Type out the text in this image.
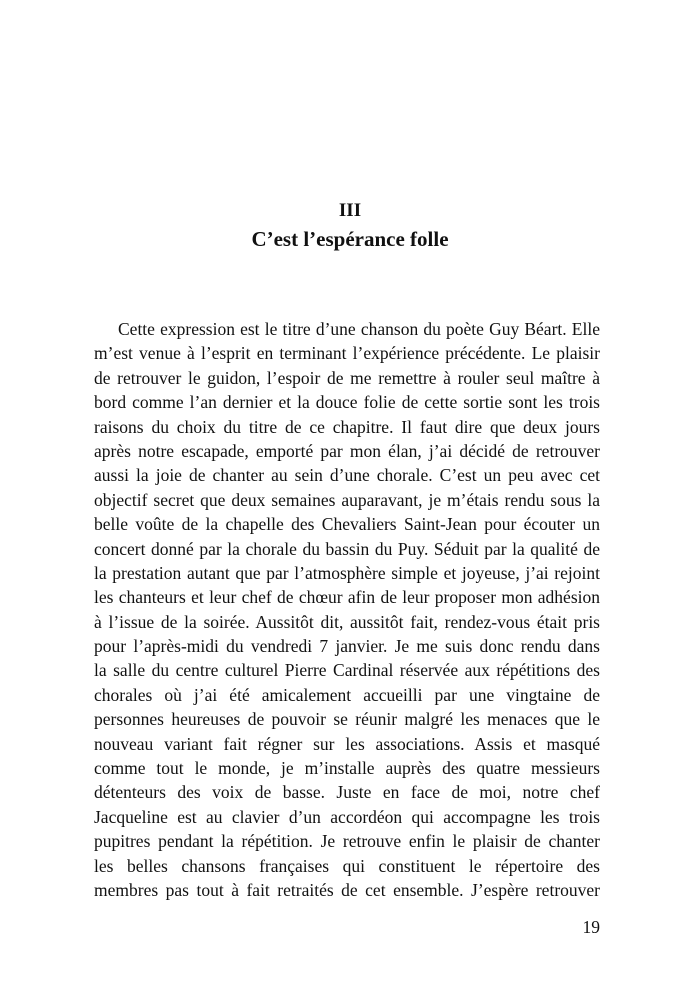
III

C’est l’espérance folle

Cette expression est le titre d’une chanson du poète Guy Béart. Elle
m’est venue à l’esprit en terminant l’expérience précédente. Le plaisir
de retrouver le guidon, l’espoir de me remettre à rouler seul maître à
bord comme l’an dernier et la douce folie de cette sortie sont les trois
raisons du choix du titre de ce chapitre. Il faut dire que deux jours
après notre escapade, emporté par mon élan, j’ai décidé de retrouver
aussi la joie de chanter au sein d’une chorale. C’est un peu avec cet
objectif secret que deux semaines auparavant, je m’étais rendu sous la
belle voûte de la chapelle des Chevaliers Saint-Jean pour écouter un
concert donné par la chorale du bassin du Puy. Séduit par la qualité de
la prestation autant que par l’atmosphère simple et joyeuse, j’ai rejoint
les chanteurs et leur chef de chœur afin de leur proposer mon adhésion
à l’issue de la soirée. Aussitôt dit, aussitôt fait, rendez-vous était pris
pour l’après-midi du vendredi 7 janvier. Je me suis donc rendu dans
la salle du centre culturel Pierre Cardinal réservée aux répétitions des
chorales où j’ai été amicalement accueilli par une vingtaine de
personnes heureuses de pouvoir se réunir malgré les menaces que le
nouveau variant fait régner sur les associations. Assis et masqué
comme tout le monde, je m’installe auprès des quatre messieurs
détenteurs des voix de basse. Juste en face de moi, notre chef
Jacqueline est au clavier d’un accordéon qui accompagne les trois
pupitres pendant la répétition. Je retrouve enfin le plaisir de chanter
les belles chansons françaises qui constituent le répertoire des
membres pas tout à fait retraités de cet ensemble. J’espère retrouver
19
